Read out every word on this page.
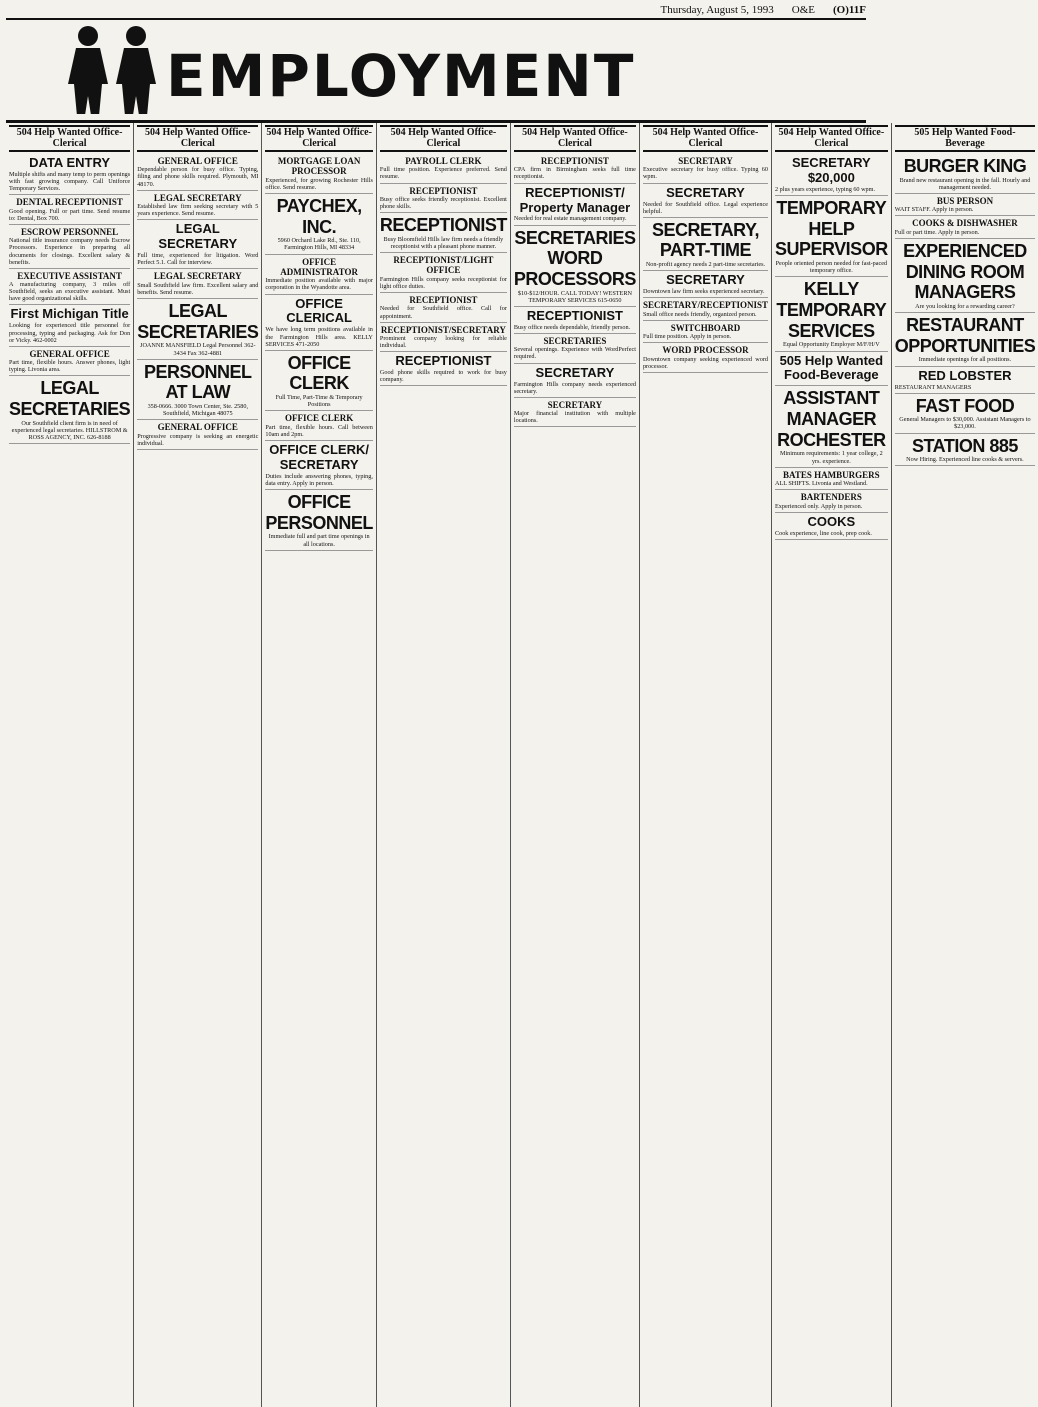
Thursday, August 5, 1993 O&E (O)11F
EMPLOYMENT
504 Help Wanted Office-Clerical
DATA ENTRY
Multiple shifts and many temp to perm openings with fast growing company. Call Uniforce Temporary Services.
DENTAL RECEPTIONIST
Good opening. Full or part time. Send resume to: Dental, Box 700.
ESCROW PERSONNEL
National title insurance company needs Escrow Processors. Experience in preparing all documents for closings. Excellent salary & benefits.
EXECUTIVE ASSISTANT
A manufacturing company, 3 miles off Southfield, seeks an executive assistant. Must have good organizational skills.
First Michigan Title
Looking for experienced title personnel for processing, typing and packaging. Ask for Don or Vicky. 462-0002
GENERAL OFFICE
Part time, flexible hours. Answer phones, light typing. Livonia area.
LEGAL SECRETARIES
Our Southfield client firm is in need of experienced legal secretaries. HILLSTROM & ROSS AGENCY, INC. 626-8188
504 Help Wanted Office-Clerical
GENERAL OFFICE
Dependable person for busy office. Typing, filing and phone skills required. Plymouth, MI 48170.
LEGAL SECRETARY
Established law firm seeking secretary with 5 years experience. Send resume.
LEGAL SECRETARY
Full time, experienced for litigation. Word Perfect 5.1. Call for interview.
LEGAL SECRETARY
Small Southfield law firm. Excellent salary and benefits. Send resume.
LEGAL SECRETARIES
JOANNE MANSFIELD Legal Personnel 362-3434 Fax 362-4881
PERSONNEL AT LAW
358-0666. 3000 Town Center, Ste. 2580, Southfield, Michigan 48075
GENERAL OFFICE
Progressive company is seeking an energetic individual.
504 Help Wanted Office-Clerical
MORTGAGE LOAN PROCESSOR
Experienced, for growing Rochester Hills office. Send resume.
PAYCHEX, INC.
5960 Orchard Lake Rd., Ste. 110, Farmington Hills, MI 48334
OFFICE ADMINISTRATOR
Immediate position available with major corporation in the Wyandotte area.
OFFICE CLERICAL
We have long term positions available in the Farmington Hills area. KELLY SERVICES 471-2050
OFFICE CLERK
Full Time, Part-Time & Temporary Positions
OFFICE CLERK
Part time, flexible hours. Call between 10am and 2pm.
OFFICE CLERK/ SECRETARY
Duties include answering phones, typing, data entry. Apply in person.
OFFICE PERSONNEL
Immediate full and part time openings in all locations.
504 Help Wanted Office-Clerical
PAYROLL CLERK
Full time position. Experience preferred. Send resume.
RECEPTIONIST
Busy office seeks friendly receptionist. Excellent phone skills.
RECEPTIONIST
Busy Bloomfield Hills law firm needs a friendly receptionist with a pleasant phone manner.
RECEPTIONIST/LIGHT OFFICE
Farmington Hills company seeks receptionist for light office duties.
RECEPTIONIST
Needed for Southfield office. Call for appointment.
RECEPTIONIST/SECRETARY
Prominent company looking for reliable individual.
RECEPTIONIST
Good phone skills required to work for busy company.
504 Help Wanted Office-Clerical
RECEPTIONIST
CPA firm in Birmingham seeks full time receptionist.
RECEPTIONIST/ Property Manager
Needed for real estate management company.
SECRETARIES WORD PROCESSORS
$10-$12/HOUR. CALL TODAY! WESTERN TEMPORARY SERVICES 615-0650
RECEPTIONIST
Busy office needs dependable, friendly person.
SECRETARIES
Several openings. Experience with WordPerfect required.
SECRETARY
Farmington Hills company needs experienced secretary.
SECRETARY
Major financial institution with multiple locations.
504 Help Wanted Office-Clerical
SECRETARY
Executive secretary for busy office. Typing 60 wpm.
SECRETARY
Needed for Southfield office. Legal experience helpful.
SECRETARY, PART-TIME
Non-profit agency needs 2 part-time secretaries.
SECRETARY
Downtown law firm seeks experienced secretary.
SECRETARY/RECEPTIONIST
Small office needs friendly, organized person.
SWITCHBOARD
Full time position. Apply in person.
WORD PROCESSOR
Downtown company seeking experienced word processor.
504 Help Wanted Office-Clerical
SECRETARY $20,000
2 plus years experience, typing 60 wpm.
TEMPORARY HELP SUPERVISOR
People oriented person needed for fast-paced temporary office.
KELLY TEMPORARY SERVICES
Equal Opportunity Employer M/F/H/V
505 Help Wanted Food-Beverage
ASSISTANT MANAGER ROCHESTER
Minimum requirements: 1 year college, 2 yrs. experience.
BATES HAMBURGERS
ALL SHIFTS. Livonia and Westland.
BARTENDERS
Experienced only. Apply in person.
COOKS
Cook experience, line cook, prep cook.
505 Help Wanted Food-Beverage
BURGER KING
Brand new restaurant opening in the fall. Hourly and management needed.
BUS PERSON
WAIT STAFF. Apply in person.
COOKS & DISHWASHER
Full or part time. Apply in person.
EXPERIENCED DINING ROOM MANAGERS
Are you looking for a rewarding career?
RESTAURANT OPPORTUNITIES
Immediate openings for all positions.
RED LOBSTER
RESTAURANT MANAGERS
FAST FOOD
General Managers to $30,000. Assistant Managers to $23,000.
STATION 885
Now Hiring. Experienced line cooks & servers.
